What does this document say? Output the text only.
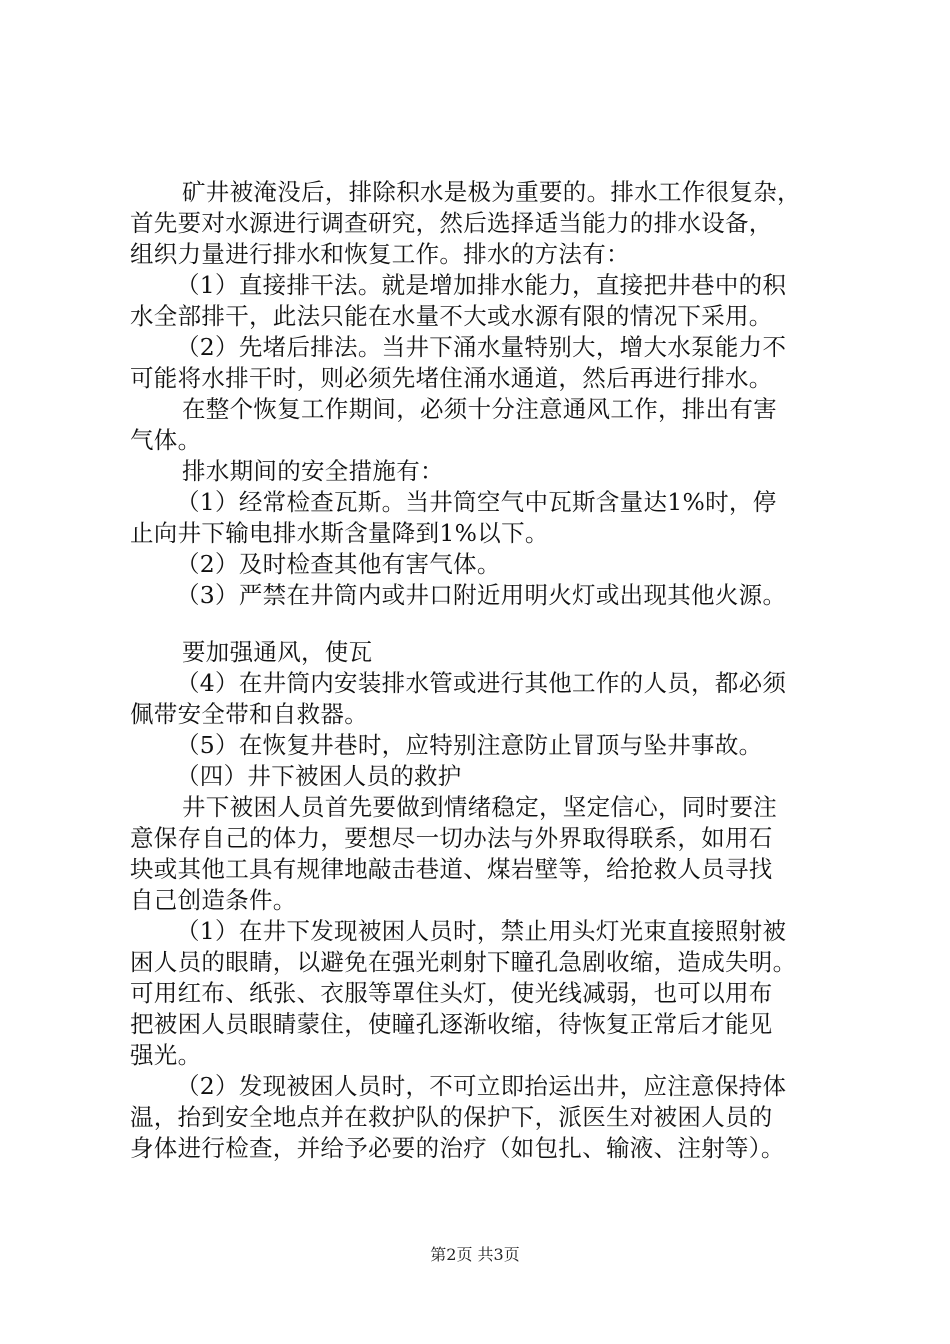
矿井被淹没后，排除积水是极为重要的。排水工作很复杂，
首先要对水源进行调查研究，然后选择适当能力的排水设备，
组织力量进行排水和恢复工作。排水的方法有：
（1）直接排干法。就是增加排水能力，直接把井巷中的积
水全部排干，此法只能在水量不大或水源有限的情况下采用。
（2）先堵后排法。当井下涌水量特别大，增大水泵能力不
可能将水排干时，则必须先堵住涌水通道，然后再进行排水。
在整个恢复工作期间，必须十分注意通风工作，排出有害
气体。
排水期间的安全措施有：
（1）经常检查瓦斯。当井筒空气中瓦斯含量达1%时，停
止向井下输电排水斯含量降到1%以下。
（2）及时检查其他有害气体。
（3）严禁在井筒内或井口附近用明火灯或出现其他火源。
要加强通风，使瓦
（4）在井筒内安装排水管或进行其他工作的人员，都必须
佩带安全带和自救器。
（5）在恢复井巷时，应特别注意防止冒顶与坠井事故。
（四）井下被困人员的救护
井下被困人员首先要做到情绪稳定，坚定信心，同时要注
意保存自己的体力，要想尽一切办法与外界取得联系，如用石
块或其他工具有规律地敲击巷道、煤岩壁等，给抢救人员寻找
自己创造条件。
（1）在井下发现被困人员时，禁止用头灯光束直接照射被
困人员的眼睛，以避免在强光刺射下瞳孔急剧收缩，造成失明。
可用红布、纸张、衣服等罩住头灯，使光线减弱，也可以用布
把被困人员眼睛蒙住，使瞳孔逐渐收缩，待恢复正常后才能见
强光。
（2）发现被困人员时，不可立即抬运出井，应注意保持体
温，抬到安全地点并在救护队的保护下，派医生对被困人员的
身体进行检查，并给予必要的治疗（如包扎、输液、注射等）。
第2页 共3页
